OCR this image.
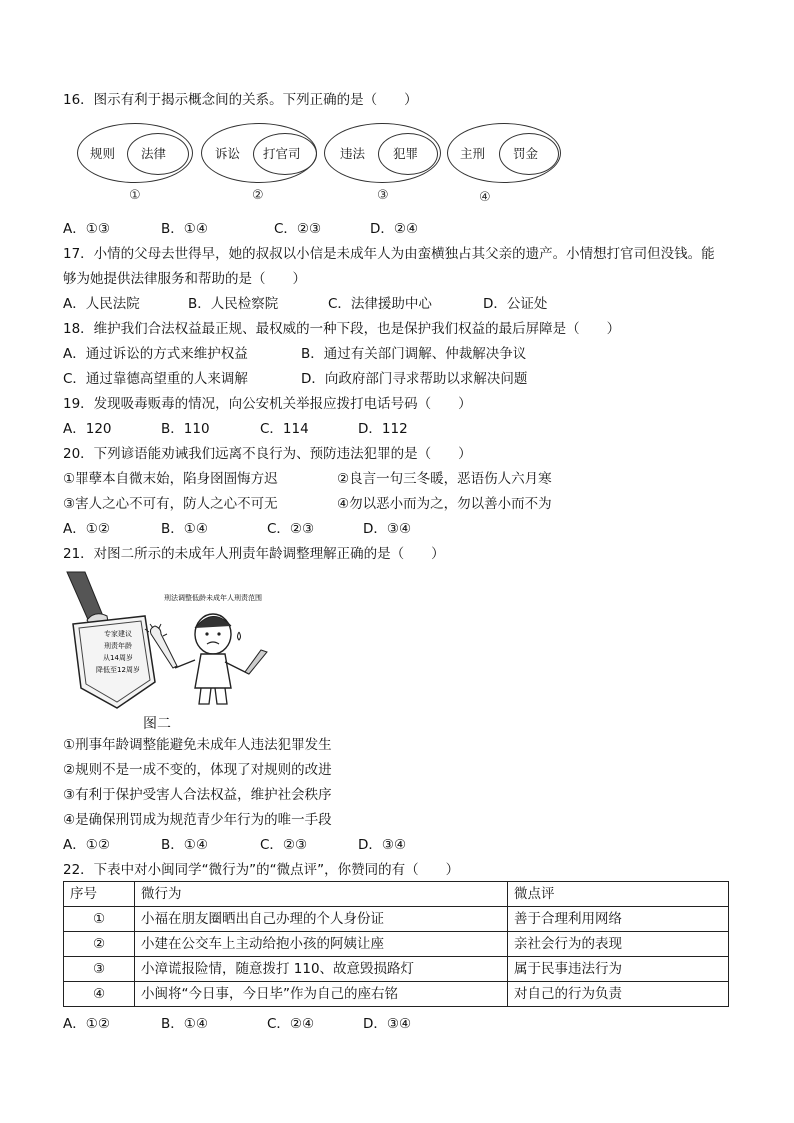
16．图示有利于揭示概念间的关系。下列正确的是（　　）
规则 法律
①
诉讼 打官司
②
违法 犯罪
③
主刑 罚金
④
A．①③	B．①④	C．②③	D．②④
17．小情的父母去世得早，她的叔叔以小信是未成年人为由蛮横独占其父亲的遗产。小情想打官司但没钱。能
够为她提供法律服务和帮助的是（　　）
A．人民法院	B．人民检察院	C．法律援助中心	D．公证处
18．维护我们合法权益最正规、最权威的一种下段，也是保护我们权益的最后屏障是（　　）
A．通过诉讼的方式来维护权益	B．通过有关部门调解、仲裁解决争议
C．通过靠德高望重的人来调解	D．向政府部门寻求帮助以求解决问题
19．发现吸毒贩毒的情况，向公安机关举报应拨打电话号码（　　）
A．120	B．110	C．114	D．112
20．下列谚语能劝诫我们远离不良行为、预防违法犯罪的是（　　）
①罪孽本自微末始，陷身囹圄悔方迟	②良言一句三冬暖，恶语伤人六月寒
③害人之心不可有，防人之心不可无	④勿以恶小而为之，勿以善小而不为
A．①②	B．①④	C．②③	D．③④
21．对图二所示的未成年人刑责年龄调整理解正确的是（　　）
专家建议
刑责年龄
从14周岁
降低至12周岁
刑法调整低龄未成年人刑责范围
图二
①刑事年龄调整能避免未成年人违法犯罪发生
②规则不是一成不变的，体现了对规则的改进
③有利于保护受害人合法权益，维护社会秩序
④是确保刑罚成为规范青少年行为的唯一手段
A．①②	B．①④	C．②③	D．③④
22．下表中对小闽同学“微行为”的“微点评”，你赞同的有（　　）
序号	微行为	微点评
①	小福在朋友圈晒出自己办理的个人身份证	善于合理利用网络
②	小建在公交车上主动给抱小孩的阿姨让座	亲社会行为的表现
③	小漳谎报险情，随意拨打 110、故意毁损路灯	属于民事违法行为
④	小闽将“今日事，今日毕”作为自己的座右铭	对自己的行为负责
A．①②	B．①④	C．②④	D．③④
